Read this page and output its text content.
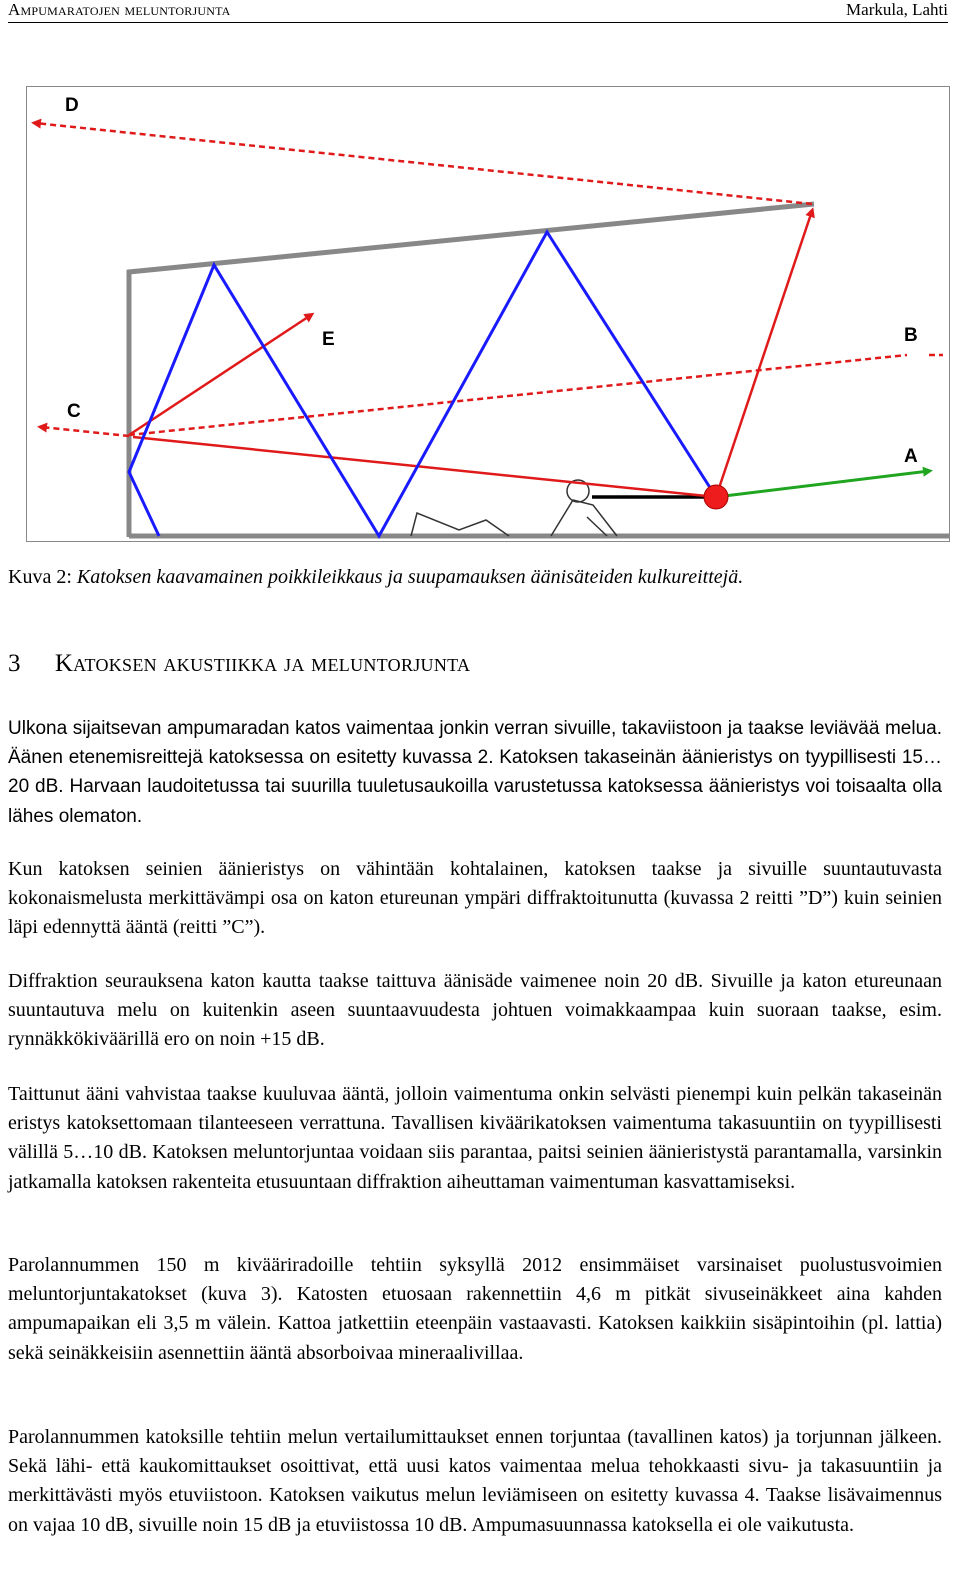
Ampumaratojen meluntorjunta	Markula, Lahti
D
E	B
C
A
Kuva 2: Katoksen kaavamainen poikkileikkaus ja suupamauksen äänisäteiden kulkureittejä.
3 Katoksen akustiikka ja meluntorjunta

Ulkona sijaitsevan ampumaradan katos vaimentaa jonkin verran sivuille, takaviistoon ja taakse leviävää melua. Äänen etenemisreittejä katoksessa on esitetty kuvassa 2. Katoksen takaseinän äänieristys on tyypillisesti 15…20 dB. Harvaan laudoitetussa tai suurilla tuuletusaukoilla varustetussa katoksessa äänieristys voi toisaalta olla lähes olematon.

Kun katoksen seinien äänieristys on vähintään kohtalainen, katoksen taakse ja sivuille suuntautuvasta kokonaismelusta merkittävämpi osa on katon etureunan ympäri diffraktoitunutta (kuvassa 2 reitti ”D”) kuin seinien läpi edennyttä ääntä (reitti ”C”).

Diffraktion seurauksena katon kautta taakse taittuva äänisäde vaimenee noin 20 dB. Sivuille ja katon etureunaan suuntautuva melu on kuitenkin aseen suuntaavuudesta johtuen voimakkaampaa kuin suoraan taakse, esim. rynnäkkökiväärillä ero on noin +15 dB.

Taittunut ääni vahvistaa taakse kuuluvaa ääntä, jolloin vaimentuma onkin selvästi pienempi kuin pelkän takaseinän eristys katoksettomaan tilanteeseen verrattuna. Tavallisen kiväärikatoksen vaimentuma takasuuntiin on tyypillisesti välillä 5…10 dB. Katoksen meluntorjuntaa voidaan siis parantaa, paitsi seinien äänieristystä parantamalla, varsinkin jatkamalla katoksen rakenteita etusuuntaan diffraktion aiheuttaman vaimentuman kasvattamiseksi.

Parolannummen 150 m kivääriradoille tehtiin syksyllä 2012 ensimmäiset varsinaiset puolustusvoimien meluntorjuntakatokset (kuva 3). Katosten etuosaan rakennettiin 4,6 m pitkät sivuseinäkkeet aina kahden ampumapaikan eli 3,5 m välein. Kattoa jatkettiin eteenpäin vastaavasti. Katoksen kaikkiin sisäpintoihin (pl. lattia) sekä seinäkkeisiin asennettiin ääntä absorboivaa mineraalivillaa.

Parolannummen katoksille tehtiin melun vertailumittaukset ennen torjuntaa (tavallinen katos) ja torjunnan jälkeen. Sekä lähi- että kaukomittaukset osoittivat, että uusi katos vaimentaa melua tehokkaasti sivu- ja takasuuntiin ja merkittävästi myös etuviistoon. Katoksen vaikutus melun leviämiseen on esitetty kuvassa 4. Taakse lisävaimennus on vajaa 10 dB, sivuille noin 15 dB ja etuviistossa 10 dB. Ampumasuunnassa katoksella ei ole vaikutusta.
